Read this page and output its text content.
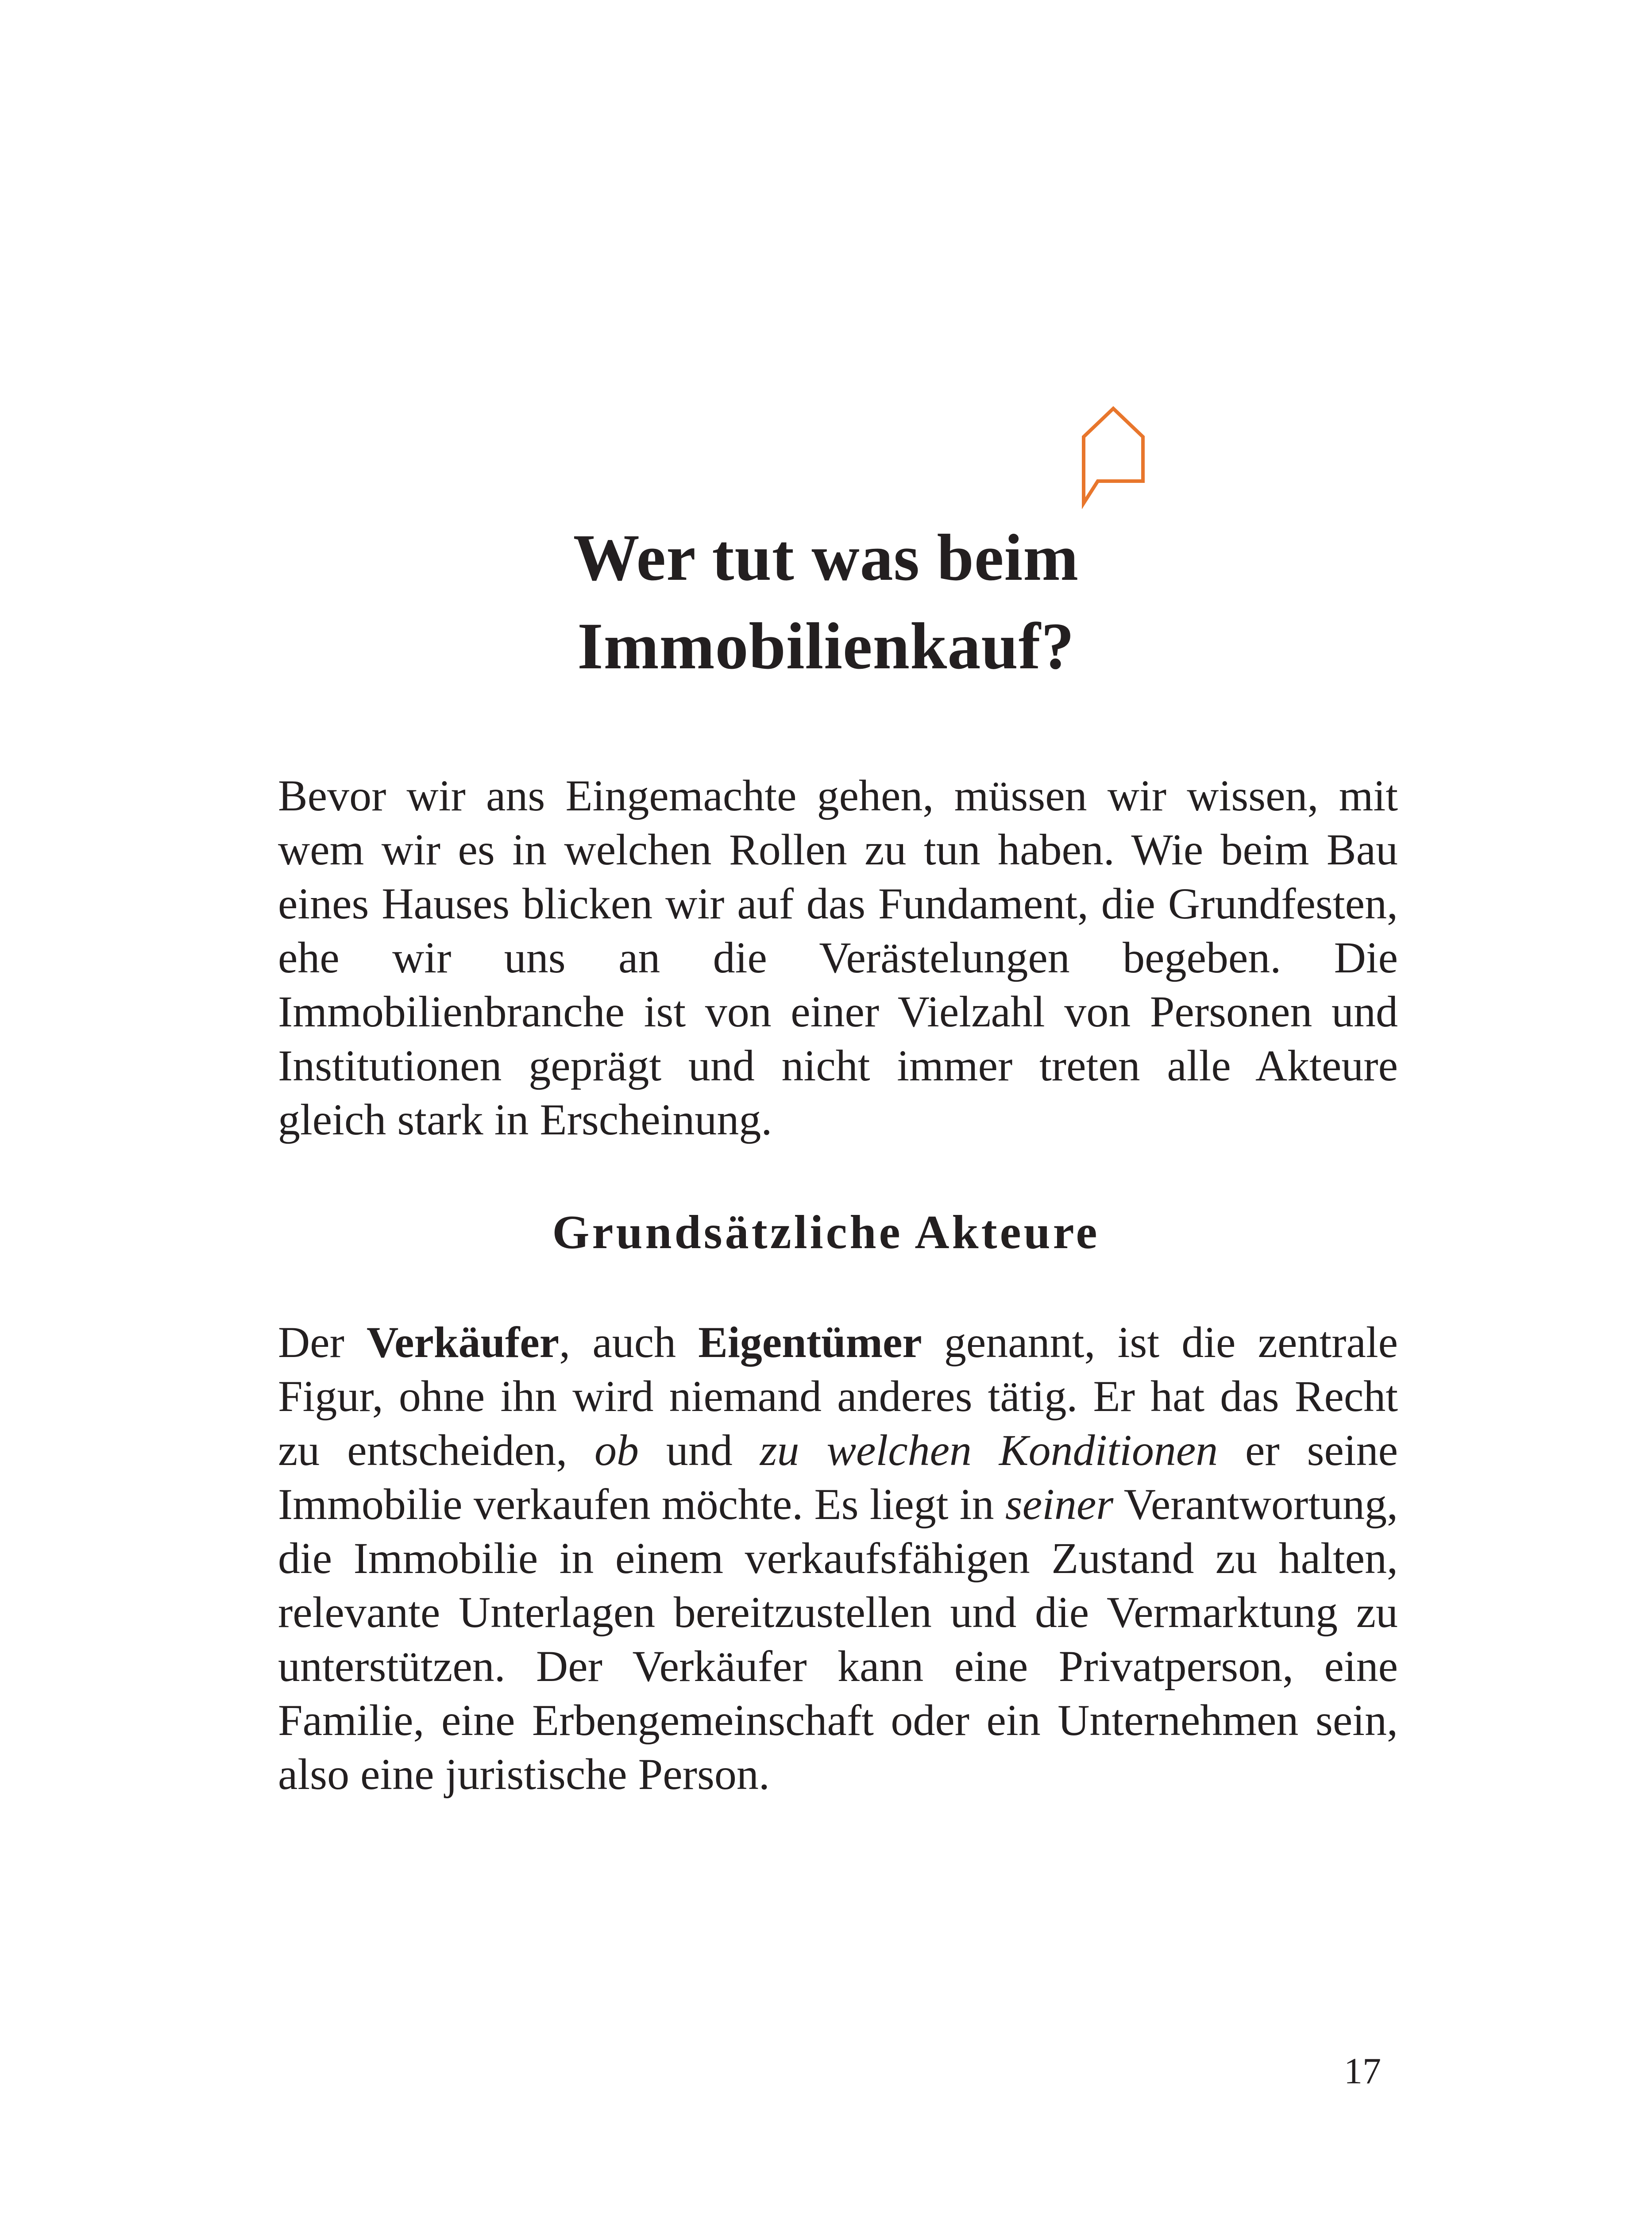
Wer tut was beim
Immobilienkauf?

Bevor wir ans Eingemachte gehen, müssen wir wissen, mit wem wir es in welchen Rollen zu tun haben. Wie beim Bau eines Hauses blicken wir auf das Fundament, die Grundfesten, ehe wir uns an die Verästelungen begeben. Die Immobilienbranche ist von einer Vielzahl von Personen und Institutionen geprägt und nicht immer treten alle Akteure gleich stark in Erscheinung.

Grundsätzliche Akteure

Der Verkäufer, auch Eigentümer genannt, ist die zentrale Figur, ohne ihn wird niemand anderes tätig. Er hat das Recht zu entscheiden, ob und zu welchen Konditionen er seine Immobilie verkaufen möchte. Es liegt in seiner Verantwortung, die Immobilie in einem verkaufsfähigen Zustand zu halten, relevante Unterlagen bereitzustellen und die Vermarktung zu unterstützen. Der Verkäufer kann eine Privatperson, eine Familie, eine Erbengemeinschaft oder ein Unternehmen sein, also eine juristische Person.

17
